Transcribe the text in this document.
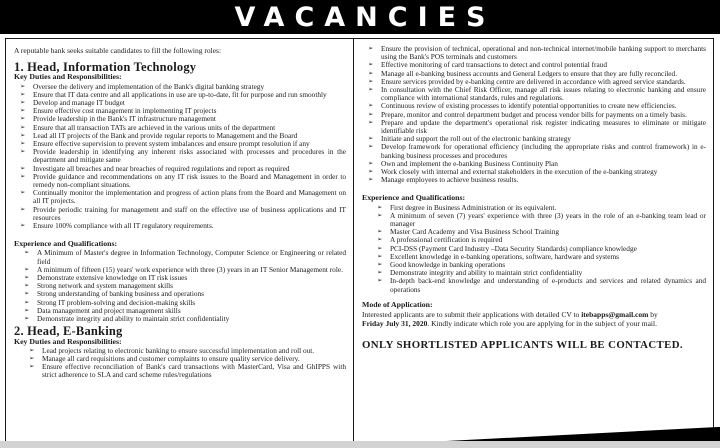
VACANCIES

A reputable bank seeks suitable candidates to fill the following roles:

1. Head, Information Technology
Key Duties and Responsibilities:
➢	Oversee the delivery and implementation of the Bank's digital banking strategy
➢	Ensure that IT data centre and all applications in use are up-to-date, fit for purpose and run smoothly
➢	Develop and manage IT budget
➢	Ensure effective cost management in implementing IT projects
➢	Provide leadership in the Bank's IT infrastructure management
➢	Ensure that all transaction TATs are achieved in the various units of the department
➢	Lead all IT projects of the Bank and provide regular reports to Management and the Board
➢	Ensure effective supervision to prevent system imbalances and ensure prompt resolution if any
➢	Provide leadership in identifying any inherent risks associated with processes and procedures in the department and mitigate same
➢	Investigate all breaches and near breaches of required regulations and report as required
➢	Provide guidance and recommendations on any IT risk issues to the Board and Management in order to remedy non-compliant situations.
➢	Continually monitor the implementation and progress of action plans from the Board and Management on all IT projects.
➢	Provide periodic training for management and staff on the effective use of business applications and IT resources
➢	Ensure 100% compliance with all IT regulatory requirements.
Experience and Qualifications:
➢	A Minimum of Master's degree in Information Technology, Computer Science or Engineering or related field
➢	A minimum of fifteen (15) years' work experience with three (3) years in an IT Senior Management role.
➢	Demonstrate extensive knowledge on IT risk issues
➢	Strong network and system management skills
➢	Strong understanding of banking business and operations
➢	Strong IT problem-solving and decision-making skills
➢	Data management and project management skills
➢	Demonstrate integrity and ability to maintain strict confidentiality
2. Head, E-Banking
Key Duties and Responsibilities:
➢	Lead projects relating to electronic banking to ensure successful implementation and roll out.
➢	Manage all card requisitions and customer complaints to ensure quality service delivery.
➢	Ensure effective reconciliation of Bank's card transactions with MasterCard, Visa and GhIPPS with strict adherence to SLA and card scheme rules/regulations
➢	Ensure the provision of technical, operational and non-technical internet/mobile banking support to merchants using the Bank's POS terminals and customers
➢	Effective monitoring of card transactions to detect and control potential fraud
➢	Manage all e-banking business accounts and General Ledgers to ensure that they are fully reconciled.
➢	Ensure services provided by e-banking centre are delivered in accordance with agreed service standards.
➢	In consultation with the Chief Risk Officer, manage all risk issues relating to electronic banking and ensure compliance with international standards, rules and regulations.
➢	Continuous review of existing processes to identify potential opportunities to create new efficiencies.
➢	Prepare, monitor and control department budget and process vendor bills for payments on a timely basis.
➢	Prepare and update the department's operational risk register indicating measures to eliminate or mitigate identifiable risk
➢	Initiate and support the roll out of the electronic banking strategy
➢	Develop framework for operational efficiency (including the appropriate risks and control framework) in e-banking business processes and procedures
➢	Own and implement the e-banking Business Continuity Plan
➢	Work closely with internal and external stakeholders in the execution of the e-banking strategy
➢	Manage employees to achieve business results.
Experience and Qualifications:
➢	First degree in Business Administration or its equivalent.
➢	A minimum of seven (7) years' experience with three (3) years in the role of an e-banking team lead or manager
➢	Master Card Academy and Visa Business School Training
➢	A professional certification is required
➢	PCI-DSS (Payment Card Industry –Data Security Standards) compliance knowledge
➢	Excellent knowledge in e-banking operations, software, hardware and systems
➢	Good knowledge in banking operations
➢	Demonstrate integrity and ability to maintain strict confidentiality
➢	In-depth back-end knowledge and understanding of e-products and services and related dynamics and operations
Mode of Application:

Interested applicants are to submit their applications with detailed CV to itebapps@gmail.com by Friday July 31, 2020. Kindly indicate which role you are applying for in the subject of your mail.

ONLY SHORTLISTED APPLICANTS WILL BE CONTACTED.
